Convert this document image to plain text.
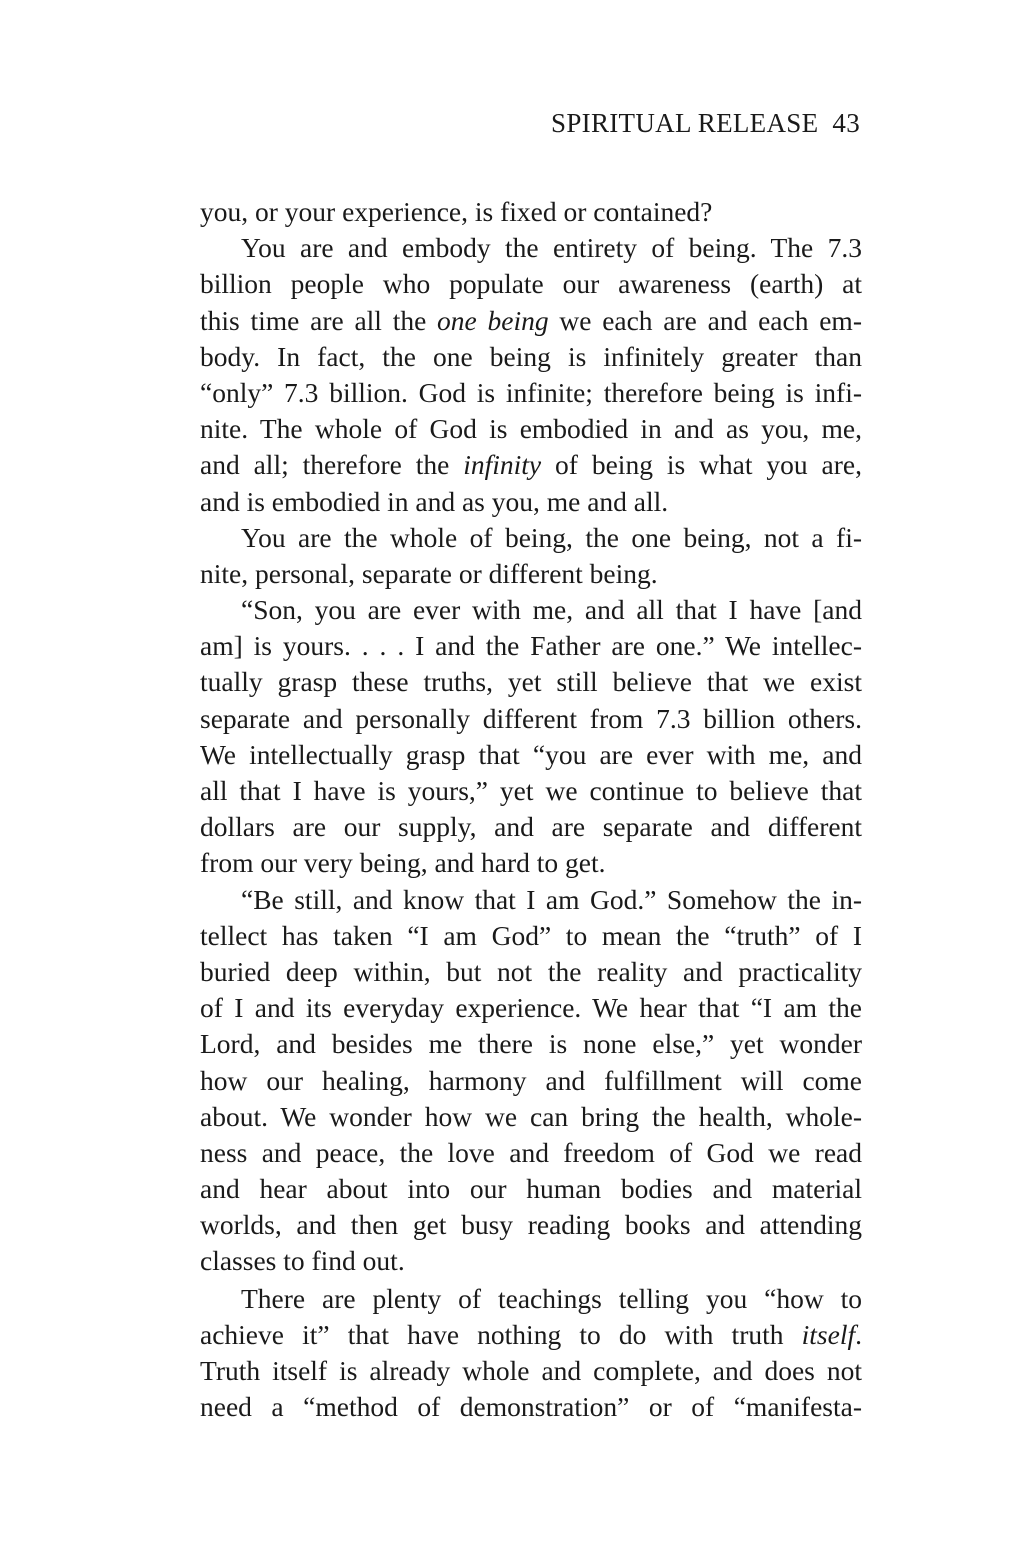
SPIRITUAL RELEASE 43
you, or your experience, is fixed or contained?
You are and embody the entirety of being. The 7.3
billion people who populate our awareness (earth) at
this time are all the one being we each are and each em-
body. In fact, the one being is infinitely greater than
“only” 7.3 billion. God is infinite; therefore being is infi-
nite. The whole of God is embodied in and as you, me,
and all; therefore the infinity of being is what you are,
and is embodied in and as you, me and all.
You are the whole of being, the one being, not a fi-
nite, personal, separate or different being.
“Son, you are ever with me, and all that I have [and
am] is yours. . . . I and the Father are one.” We intellec-
tually grasp these truths, yet still believe that we exist
separate and personally different from 7.3 billion others.
We intellectually grasp that “you are ever with me, and
all that I have is yours,” yet we continue to believe that
dollars are our supply, and are separate and different
from our very being, and hard to get.
“Be still, and know that I am God.” Somehow the in-
tellect has taken “I am God” to mean the “truth” of I
buried deep within, but not the reality and practicality
of I and its everyday experience. We hear that “I am the
Lord, and besides me there is none else,” yet wonder
how our healing, harmony and fulfillment will come
about. We wonder how we can bring the health, whole-
ness and peace, the love and freedom of God we read
and hear about into our human bodies and material
worlds, and then get busy reading books and attending
classes to find out.
There are plenty of teachings telling you “how to
achieve it” that have nothing to do with truth itself.
Truth itself is already whole and complete, and does not
need a “method of demonstration” or of “manifesta-
